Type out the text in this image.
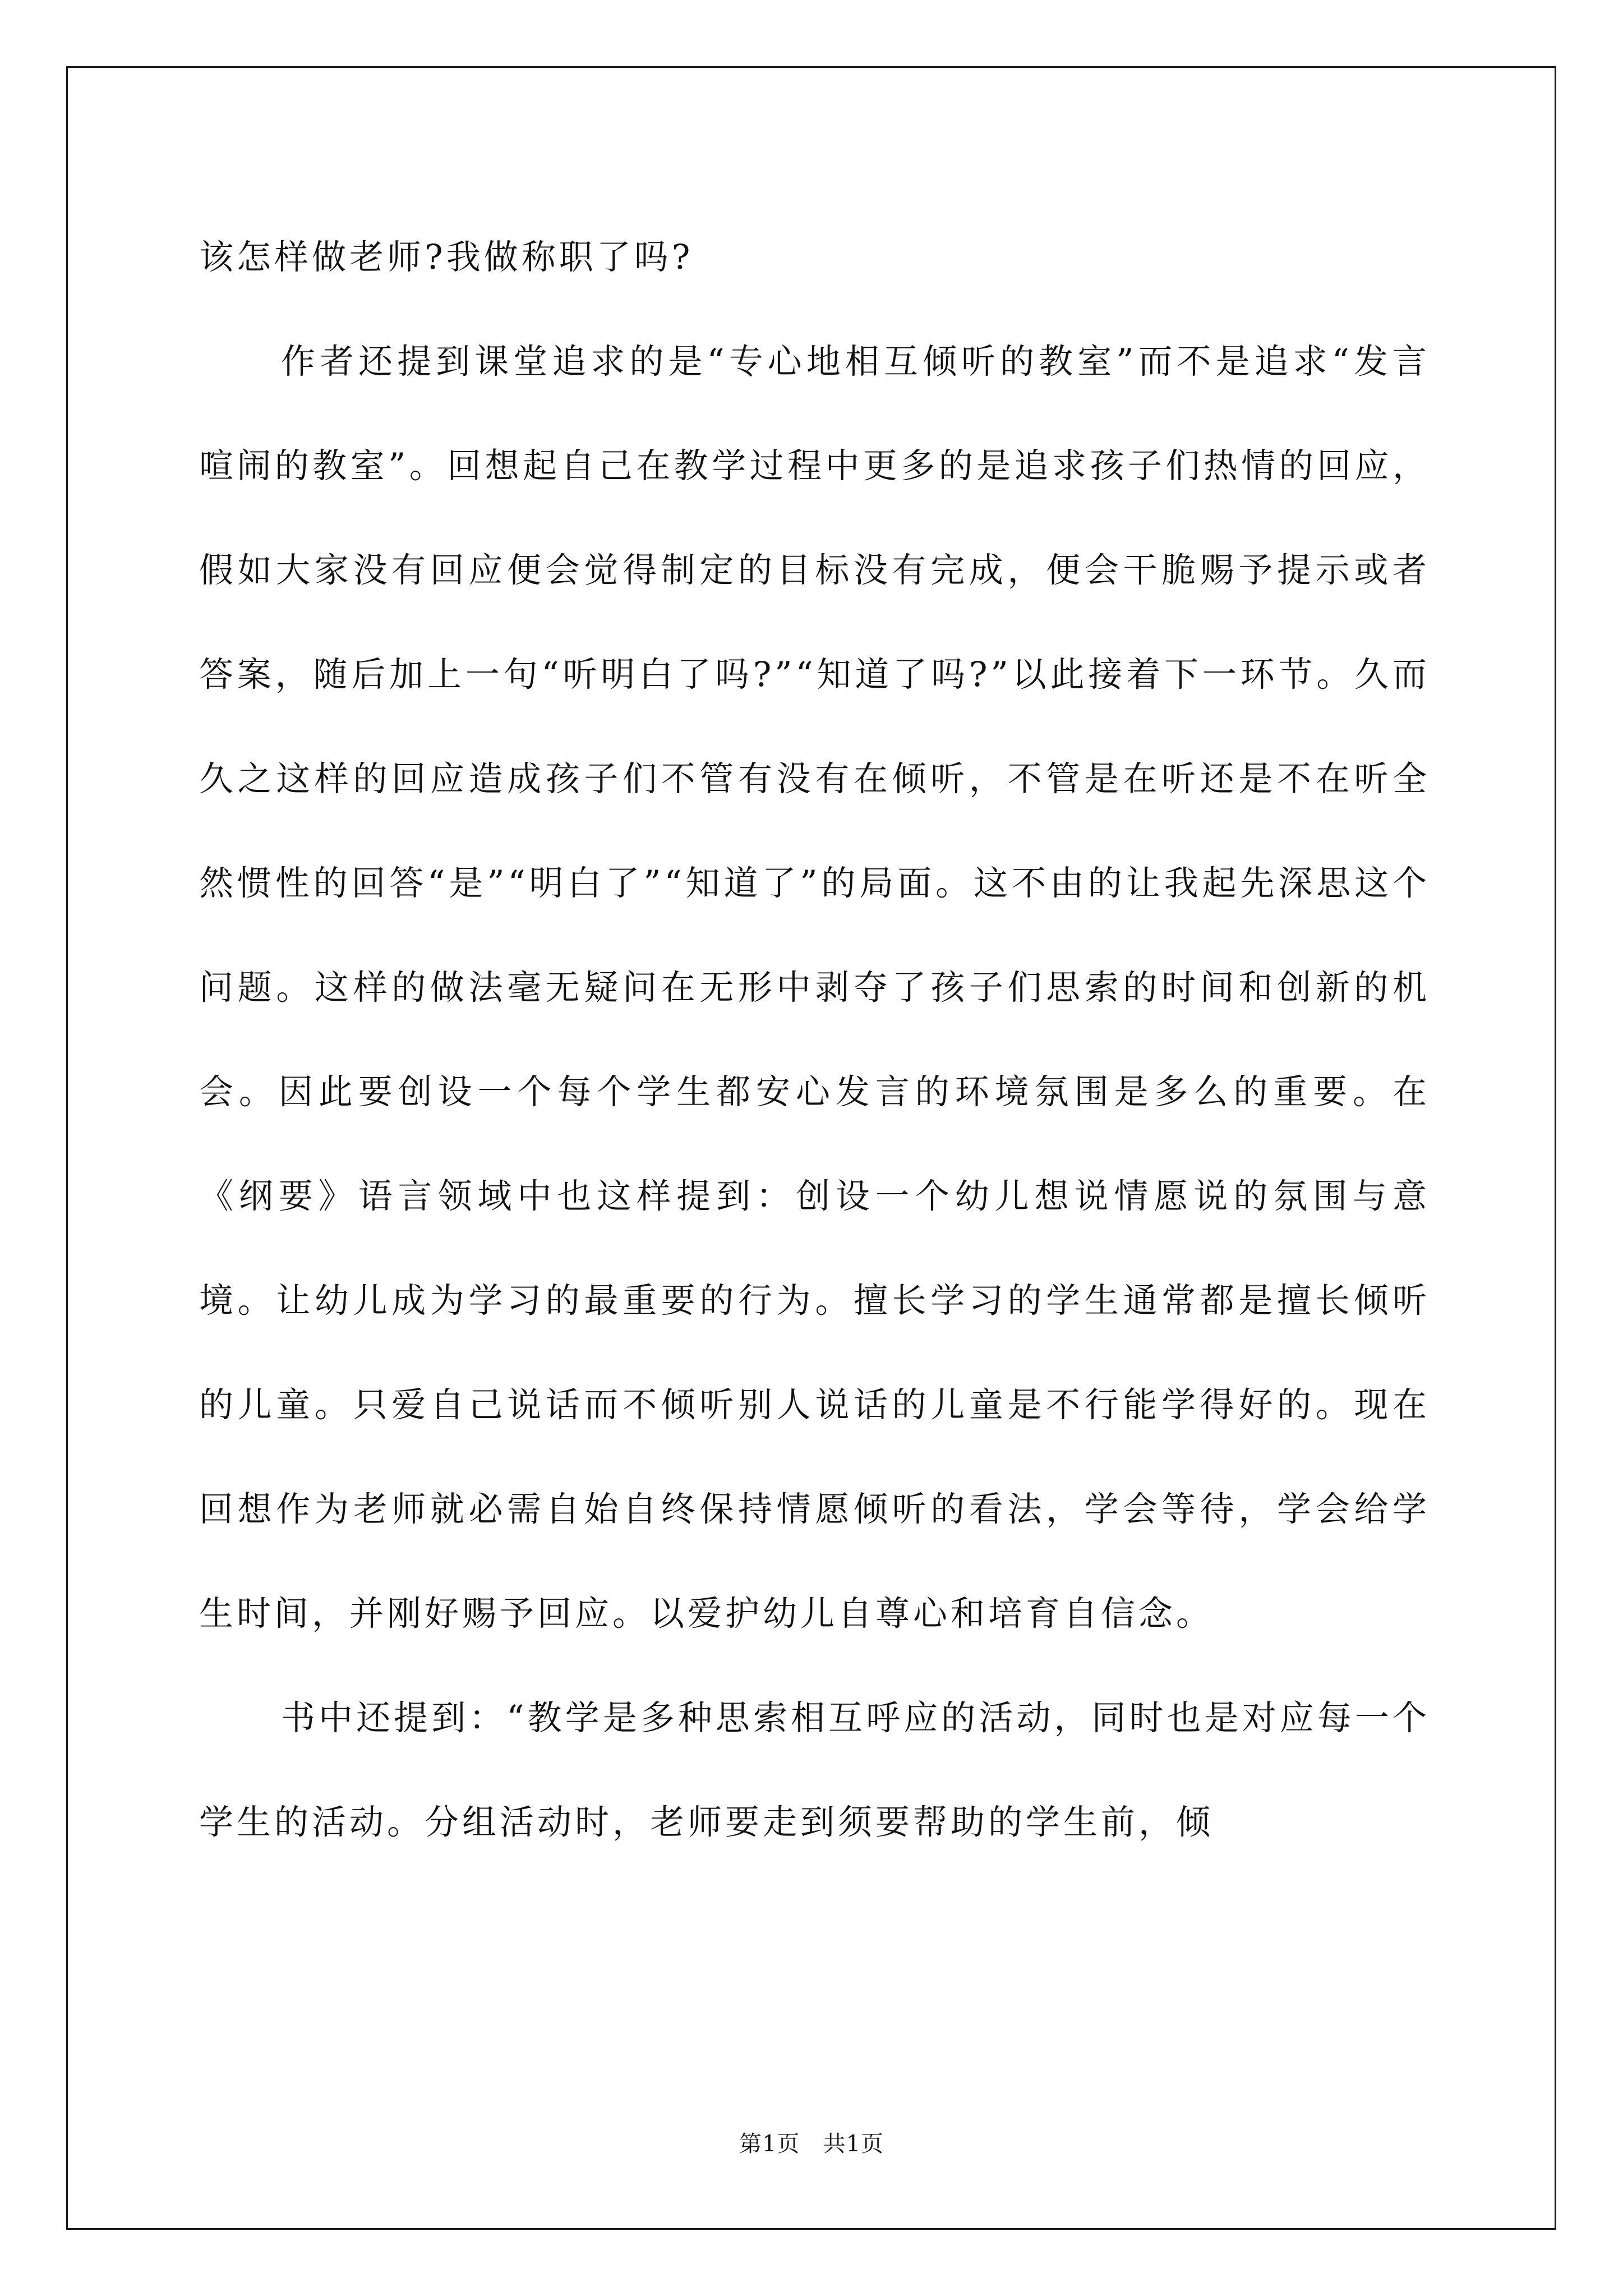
该怎样做老师?我做称职了吗?

作者还提到课堂追求的是“专心地相互倾听的教室”而不是追求“发言喧闹的教室”。回想起自己在教学过程中更多的是追求孩子们热情的回应，假如大家没有回应便会觉得制定的目标没有完成，便会干脆赐予提示或者答案，随后加上一句“听明白了吗?”“知道了吗?”以此接着下一环节。久而久之这样的回应造成孩子们不管有没有在倾听，不管是在听还是不在听全然惯性的回答“是”“明白了”“知道了”的局面。这不由的让我起先深思这个问题。这样的做法毫无疑问在无形中剥夺了孩子们思索的时间和创新的机会。因此要创设一个每个学生都安心发言的环境氛围是多么的重要。在《纲要》语言领域中也这样提到：创设一个幼儿想说情愿说的氛围与意境。让幼儿成为学习的最重要的行为。擅长学习的学生通常都是擅长倾听的儿童。只爱自己说话而不倾听别人说话的儿童是不行能学得好的。现在回想作为老师就必需自始自终保持情愿倾听的看法，学会等待，学会给学生时间，并刚好赐予回应。以爱护幼儿自尊心和培育自信念。

书中还提到：“教学是多种思索相互呼应的活动，同时也是对应每一个学生的活动。分组活动时，老师要走到须要帮助的学生前，倾

第1页 共1页
